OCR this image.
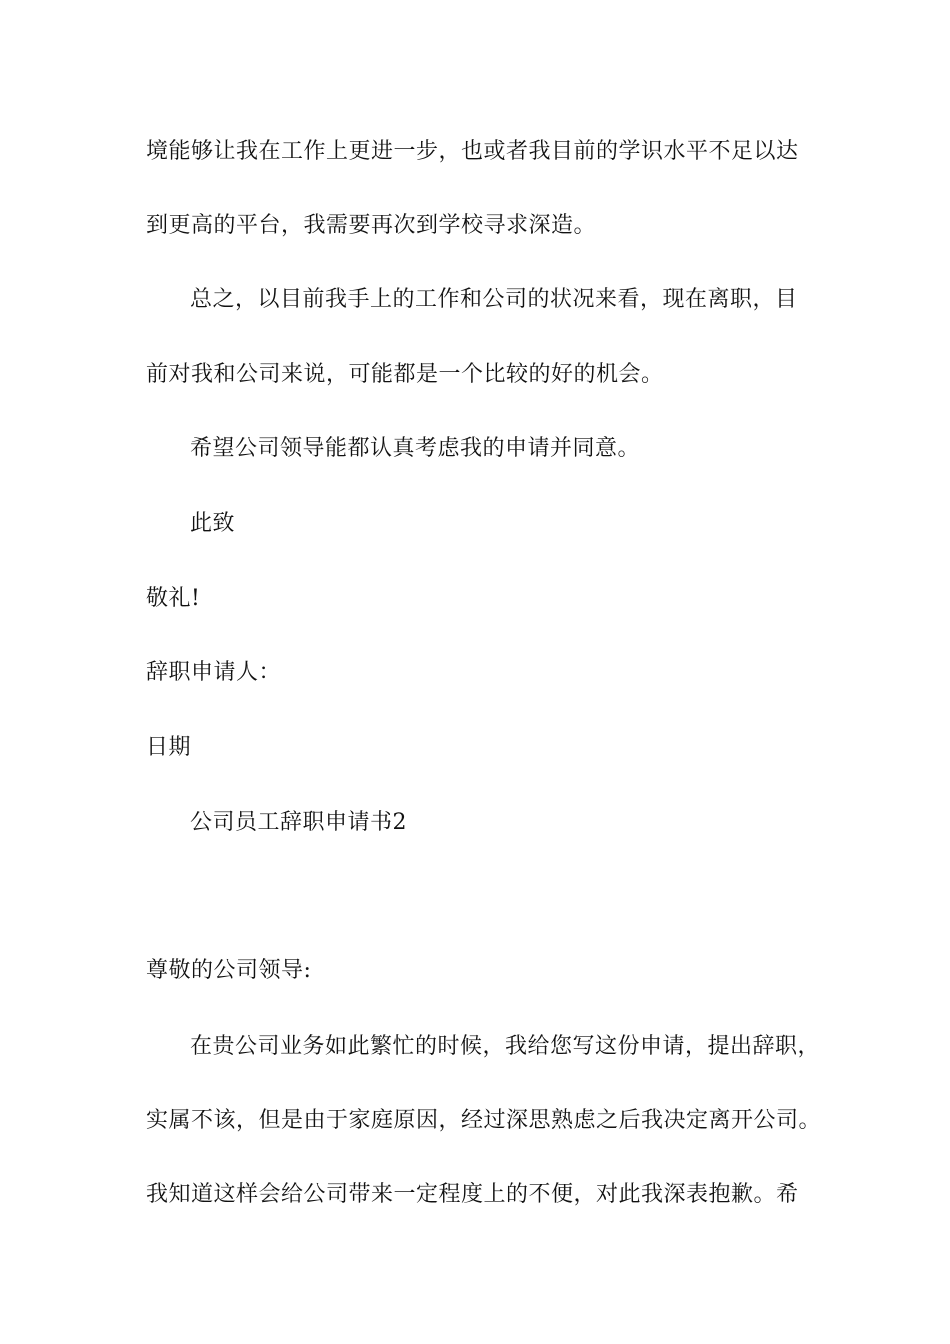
境能够让我在工作上更进一步，也或者我目前的学识水平不足以达

到更高的平台，我需要再次到学校寻求深造。

总之，以目前我手上的工作和公司的状况来看，现在离职，目

前对我和公司来说，可能都是一个比较的好的机会。

希望公司领导能都认真考虑我的申请并同意。

此致

敬礼!

辞职申请人：

日期

公司员工辞职申请书2

尊敬的公司领导:

在贵公司业务如此繁忙的时候，我给您写这份申请，提出辞职，

实属不该，但是由于家庭原因，经过深思熟虑之后我决定离开公司。

我知道这样会给公司带来一定程度上的不便，对此我深表抱歉。希
